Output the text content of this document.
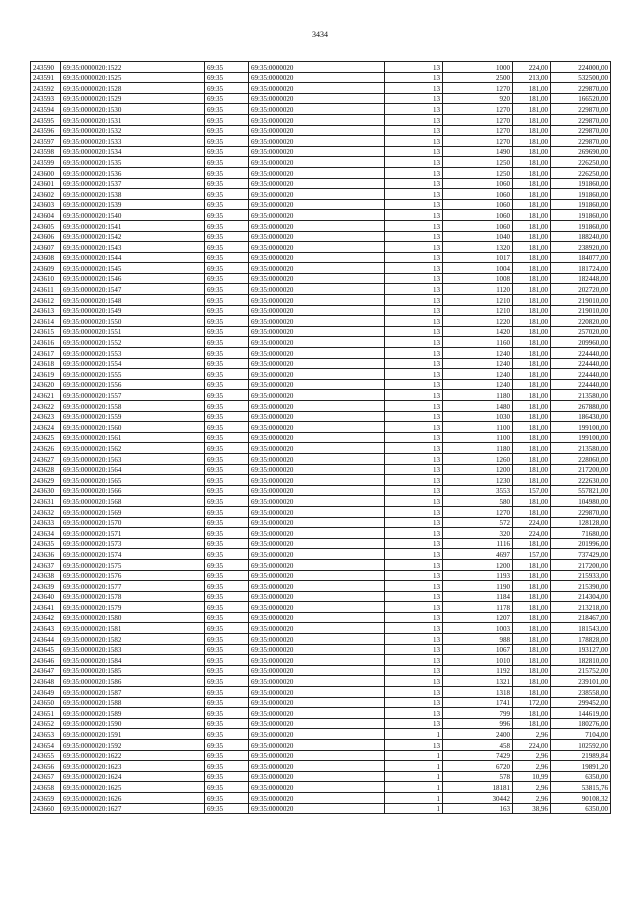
3434
243590	69:35:0000020:1522	69:35	69:35:0000020	13	1000	224,00	224000,00
243591	69:35:0000020:1525	69:35	69:35:0000020	13	2500	213,00	532500,00
243592	69:35:0000020:1528	69:35	69:35:0000020	13	1270	181,00	229870,00
243593	69:35:0000020:1529	69:35	69:35:0000020	13	920	181,00	166520,00
243594	69:35:0000020:1530	69:35	69:35:0000020	13	1270	181,00	229870,00
243595	69:35:0000020:1531	69:35	69:35:0000020	13	1270	181,00	229870,00
243596	69:35:0000020:1532	69:35	69:35:0000020	13	1270	181,00	229870,00
243597	69:35:0000020:1533	69:35	69:35:0000020	13	1270	181,00	229870,00
243598	69:35:0000020:1534	69:35	69:35:0000020	13	1490	181,00	269690,00
243599	69:35:0000020:1535	69:35	69:35:0000020	13	1250	181,00	226250,00
243600	69:35:0000020:1536	69:35	69:35:0000020	13	1250	181,00	226250,00
243601	69:35:0000020:1537	69:35	69:35:0000020	13	1060	181,00	191860,00
243602	69:35:0000020:1538	69:35	69:35:0000020	13	1060	181,00	191860,00
243603	69:35:0000020:1539	69:35	69:35:0000020	13	1060	181,00	191860,00
243604	69:35:0000020:1540	69:35	69:35:0000020	13	1060	181,00	191860,00
243605	69:35:0000020:1541	69:35	69:35:0000020	13	1060	181,00	191860,00
243606	69:35:0000020:1542	69:35	69:35:0000020	13	1040	181,00	188240,00
243607	69:35:0000020:1543	69:35	69:35:0000020	13	1320	181,00	238920,00
243608	69:35:0000020:1544	69:35	69:35:0000020	13	1017	181,00	184077,00
243609	69:35:0000020:1545	69:35	69:35:0000020	13	1004	181,00	181724,00
243610	69:35:0000020:1546	69:35	69:35:0000020	13	1008	181,00	182448,00
243611	69:35:0000020:1547	69:35	69:35:0000020	13	1120	181,00	202720,00
243612	69:35:0000020:1548	69:35	69:35:0000020	13	1210	181,00	219010,00
243613	69:35:0000020:1549	69:35	69:35:0000020	13	1210	181,00	219010,00
243614	69:35:0000020:1550	69:35	69:35:0000020	13	1220	181,00	220820,00
243615	69:35:0000020:1551	69:35	69:35:0000020	13	1420	181,00	257020,00
243616	69:35:0000020:1552	69:35	69:35:0000020	13	1160	181,00	209960,00
243617	69:35:0000020:1553	69:35	69:35:0000020	13	1240	181,00	224440,00
243618	69:35:0000020:1554	69:35	69:35:0000020	13	1240	181,00	224440,00
243619	69:35:0000020:1555	69:35	69:35:0000020	13	1240	181,00	224440,00
243620	69:35:0000020:1556	69:35	69:35:0000020	13	1240	181,00	224440,00
243621	69:35:0000020:1557	69:35	69:35:0000020	13	1180	181,00	213580,00
243622	69:35:0000020:1558	69:35	69:35:0000020	13	1480	181,00	267880,00
243623	69:35:0000020:1559	69:35	69:35:0000020	13	1030	181,00	186430,00
243624	69:35:0000020:1560	69:35	69:35:0000020	13	1100	181,00	199100,00
243625	69:35:0000020:1561	69:35	69:35:0000020	13	1100	181,00	199100,00
243626	69:35:0000020:1562	69:35	69:35:0000020	13	1180	181,00	213580,00
243627	69:35:0000020:1563	69:35	69:35:0000020	13	1260	181,00	228060,00
243628	69:35:0000020:1564	69:35	69:35:0000020	13	1200	181,00	217200,00
243629	69:35:0000020:1565	69:35	69:35:0000020	13	1230	181,00	222630,00
243630	69:35:0000020:1566	69:35	69:35:0000020	13	3553	157,00	557821,00
243631	69:35:0000020:1568	69:35	69:35:0000020	13	580	181,00	104980,00
243632	69:35:0000020:1569	69:35	69:35:0000020	13	1270	181,00	229870,00
243633	69:35:0000020:1570	69:35	69:35:0000020	13	572	224,00	128128,00
243634	69:35:0000020:1571	69:35	69:35:0000020	13	320	224,00	71680,00
243635	69:35:0000020:1573	69:35	69:35:0000020	13	1116	181,00	201996,00
243636	69:35:0000020:1574	69:35	69:35:0000020	13	4697	157,00	737429,00
243637	69:35:0000020:1575	69:35	69:35:0000020	13	1200	181,00	217200,00
243638	69:35:0000020:1576	69:35	69:35:0000020	13	1193	181,00	215933,00
243639	69:35:0000020:1577	69:35	69:35:0000020	13	1190	181,00	215390,00
243640	69:35:0000020:1578	69:35	69:35:0000020	13	1184	181,00	214304,00
243641	69:35:0000020:1579	69:35	69:35:0000020	13	1178	181,00	213218,00
243642	69:35:0000020:1580	69:35	69:35:0000020	13	1207	181,00	218467,00
243643	69:35:0000020:1581	69:35	69:35:0000020	13	1003	181,00	181543,00
243644	69:35:0000020:1582	69:35	69:35:0000020	13	988	181,00	178828,00
243645	69:35:0000020:1583	69:35	69:35:0000020	13	1067	181,00	193127,00
243646	69:35:0000020:1584	69:35	69:35:0000020	13	1010	181,00	182810,00
243647	69:35:0000020:1585	69:35	69:35:0000020	13	1192	181,00	215752,00
243648	69:35:0000020:1586	69:35	69:35:0000020	13	1321	181,00	239101,00
243649	69:35:0000020:1587	69:35	69:35:0000020	13	1318	181,00	238558,00
243650	69:35:0000020:1588	69:35	69:35:0000020	13	1741	172,00	299452,00
243651	69:35:0000020:1589	69:35	69:35:0000020	13	799	181,00	144619,00
243652	69:35:0000020:1590	69:35	69:35:0000020	13	996	181,00	180276,00
243653	69:35:0000020:1591	69:35	69:35:0000020	1	2400	2,96	7104,00
243654	69:35:0000020:1592	69:35	69:35:0000020	13	458	224,00	102592,00
243655	69:35:0000020:1622	69:35	69:35:0000020	1	7429	2,96	21989,84
243656	69:35:0000020:1623	69:35	69:35:0000020	1	6720	2,96	19891,20
243657	69:35:0000020:1624	69:35	69:35:0000020	1	578	10,99	6350,00
243658	69:35:0000020:1625	69:35	69:35:0000020	1	18181	2,96	53815,76
243659	69:35:0000020:1626	69:35	69:35:0000020	1	30442	2,96	90108,32
243660	69:35:0000020:1627	69:35	69:35:0000020	1	163	38,96	6350,00
